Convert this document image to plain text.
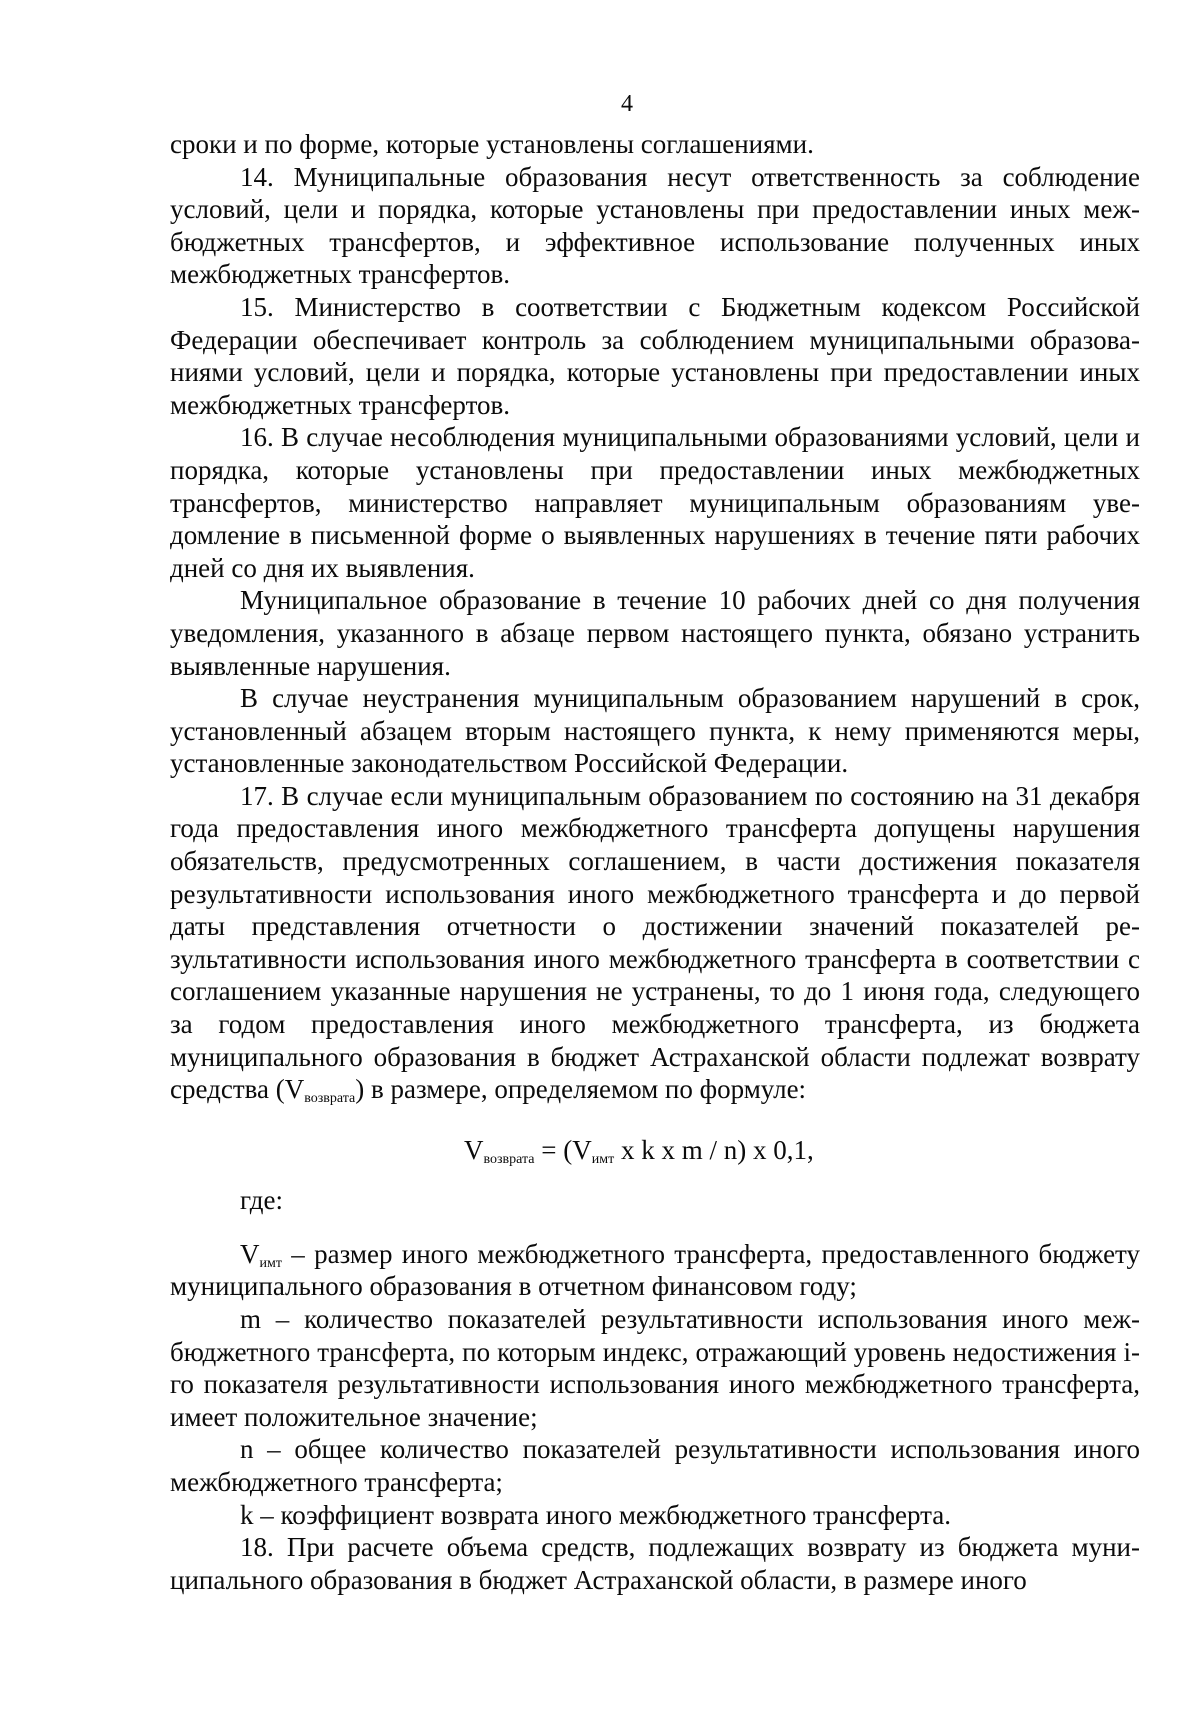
4

сроки и по форме, которые установлены соглашениями.

14. Муниципальные образования несут ответственность за соблюдение условий, цели и порядка, которые установлены при предоставлении иных межбюджетных трансфертов, и эффективное использование полученных иных межбюджетных трансфертов.

15. Министерство в соответствии с Бюджетным кодексом Российской Федерации обеспечивает контроль за соблюдением муниципальными образованиями условий, цели и порядка, которые установлены при предоставлении иных межбюджетных трансфертов.

16. В случае несоблюдения муниципальными образованиями условий, цели и порядка, которые установлены при предоставлении иных межбюджетных трансфертов, министерство направляет муниципальным образованиям уведомление в письменной форме о выявленных нарушениях в течение пяти рабочих дней со дня их выявления.

Муниципальное образование в течение 10 рабочих дней со дня получения уведомления, указанного в абзаце первом настоящего пункта, обязано устранить выявленные нарушения.

В случае неустранения муниципальным образованием нарушений в срок, установленный абзацем вторым настоящего пункта, к нему применяются меры, установленные законодательством Российской Федерации.

17. В случае если муниципальным образованием по состоянию на 31 декабря года предоставления иного межбюджетного трансферта допущены нарушения обязательств, предусмотренных соглашением, в части достижения показателя результативности использования иного межбюджетного трансферта и до первой даты представления отчетности о достижении значений показателей результативности использования иного межбюджетного трансферта в соответствии с соглашением указанные нарушения не устранены, то до 1 июня года, следующего за годом предоставления иного межбюджетного трансферта, из бюджета муниципального образования в бюджет Астраханской области подлежат возврату средства $(V_{возврата})$ в размере, определяемом по формуле:

$V_{возврата} = (V_{имт}$ x k x m / n) x 0,1,
где:

$V_{имт}$ – размер иного межбюджетного трансферта, предоставленного бюджету муниципального образования в отчетном финансовом году;

m – количество показателей результативности использования иного межбюджетного трансферта, по которым индекс, отражающий уровень недостижения i-го показателя результативности использования иного межбюджетного трансферта, имеет положительное значение;

n – общее количество показателей результативности использования иного межбюджетного трансферта;

k – коэффициент возврата иного межбюджетного трансферта.

18. При расчете объема средств, подлежащих возврату из бюджета муниципального образования в бюджет Астраханской области, в размере иного
